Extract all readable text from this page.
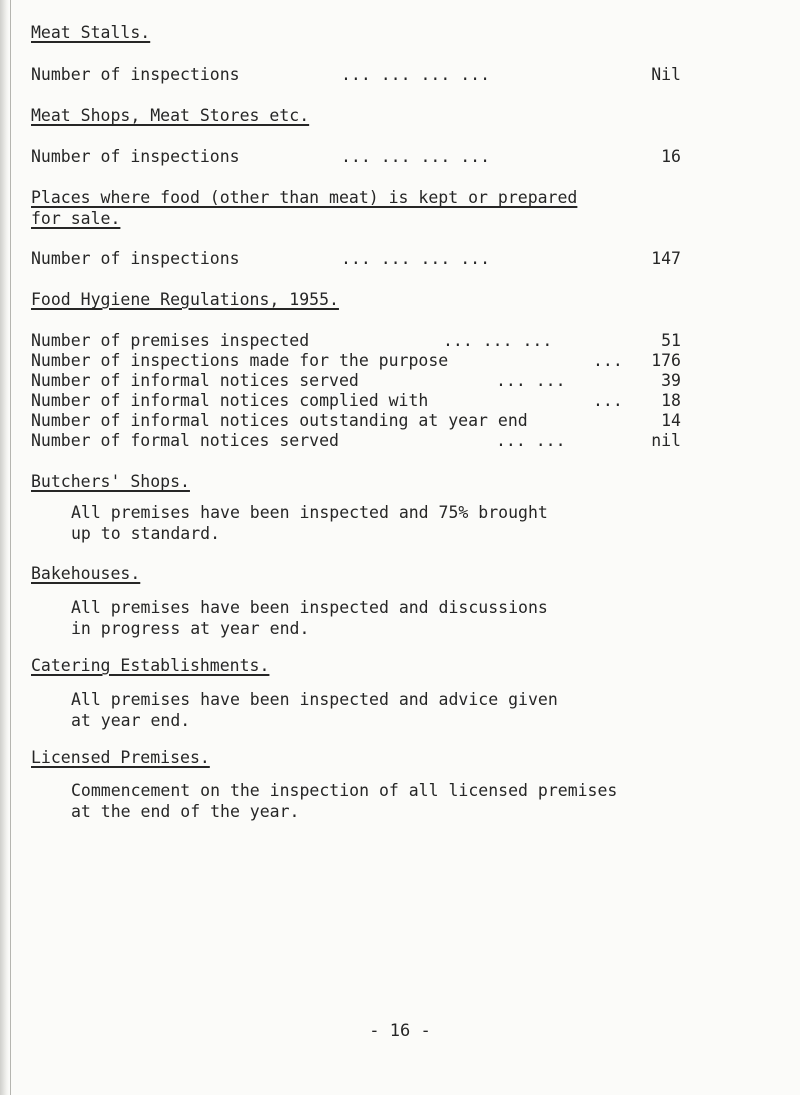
Meat Stalls.
Number of inspections	... ... ... ...	Nil
Meat Shops, Meat Stores etc.
Number of inspections	... ... ... ...	16
Places where food (other than meat) is kept or prepared
for sale.
Number of inspections	... ... ... ...	147
Food Hygiene Regulations, 1955.
Number of premises inspected	... ... ...	51
Number of inspections made for the purpose	... 176
Number of informal notices served	... ...	39
Number of informal notices complied with	... 18
Number of informal notices outstanding at year end	14
Number of formal notices served	... ...	nil
Butchers' Shops.
All premises have been inspected and 75% brought
up to standard.
Bakehouses.
All premises have been inspected and discussions
in progress at year end.
Catering Establishments.
All premises have been inspected and advice given
at year end.
Licensed Premises.
Commencement on the inspection of all licensed premises
at the end of the year.
- 16 -
